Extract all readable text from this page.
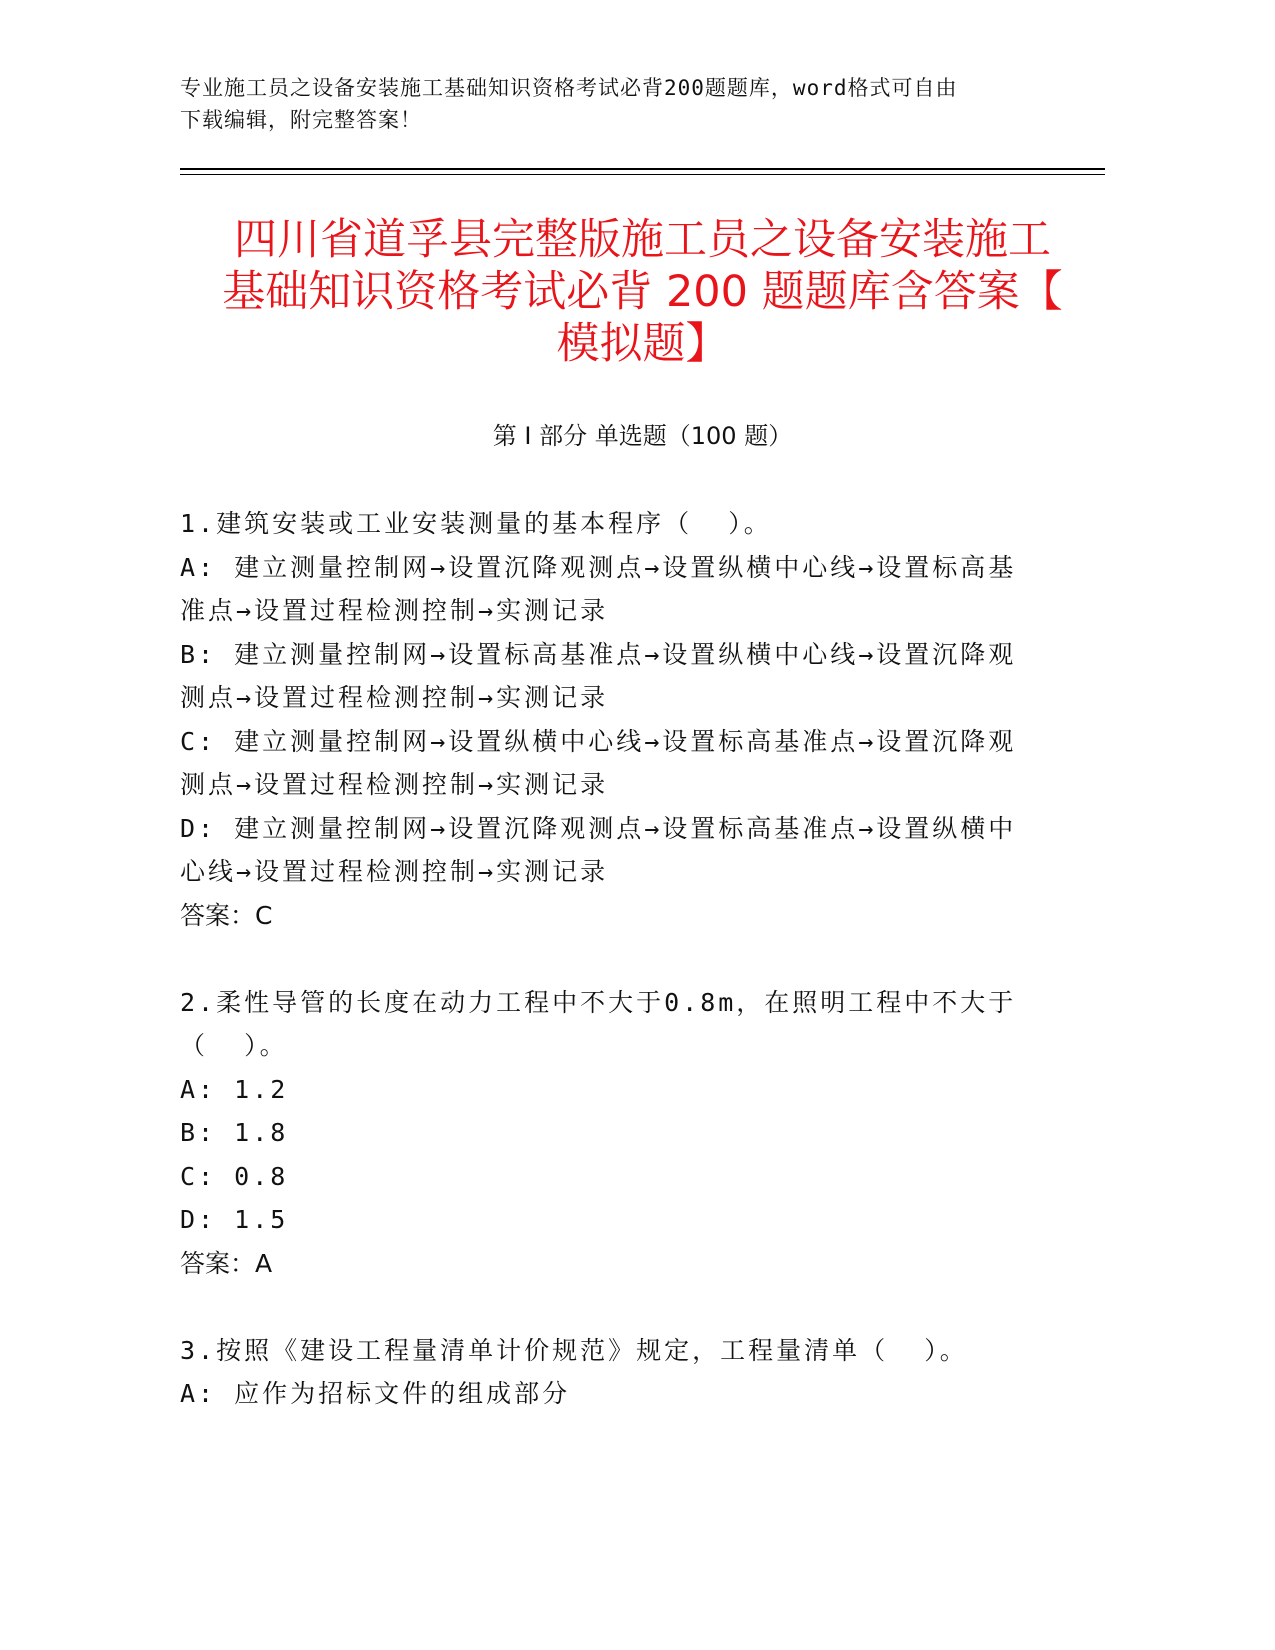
专业施工员之设备安装施工基础知识资格考试必背200题题库，word格式可自由
下载编辑，附完整答案！
四川省道孚县完整版施工员之设备安装施工
基础知识资格考试必背 200 题题库含答案【
模拟题】
第 I 部分 单选题（100 题）

1.建筑安装或工业安装测量的基本程序（  ）。

A: 建立测量控制网→设置沉降观测点→设置纵横中心线→设置标高基准点→设置过程检测控制→实测记录

B: 建立测量控制网→设置标高基准点→设置纵横中心线→设置沉降观测点→设置过程检测控制→实测记录

C: 建立测量控制网→设置纵横中心线→设置标高基准点→设置沉降观测点→设置过程检测控制→实测记录

D: 建立测量控制网→设置沉降观测点→设置标高基准点→设置纵横中心线→设置过程检测控制→实测记录

答案：C

2.柔性导管的长度在动力工程中不大于0.8m，在照明工程中不大于（  ）。

A: 1.2

B: 1.8

C: 0.8

D: 1.5

答案：A

3.按照《建设工程量清单计价规范》规定，工程量清单（  ）。

A: 应作为招标文件的组成部分
